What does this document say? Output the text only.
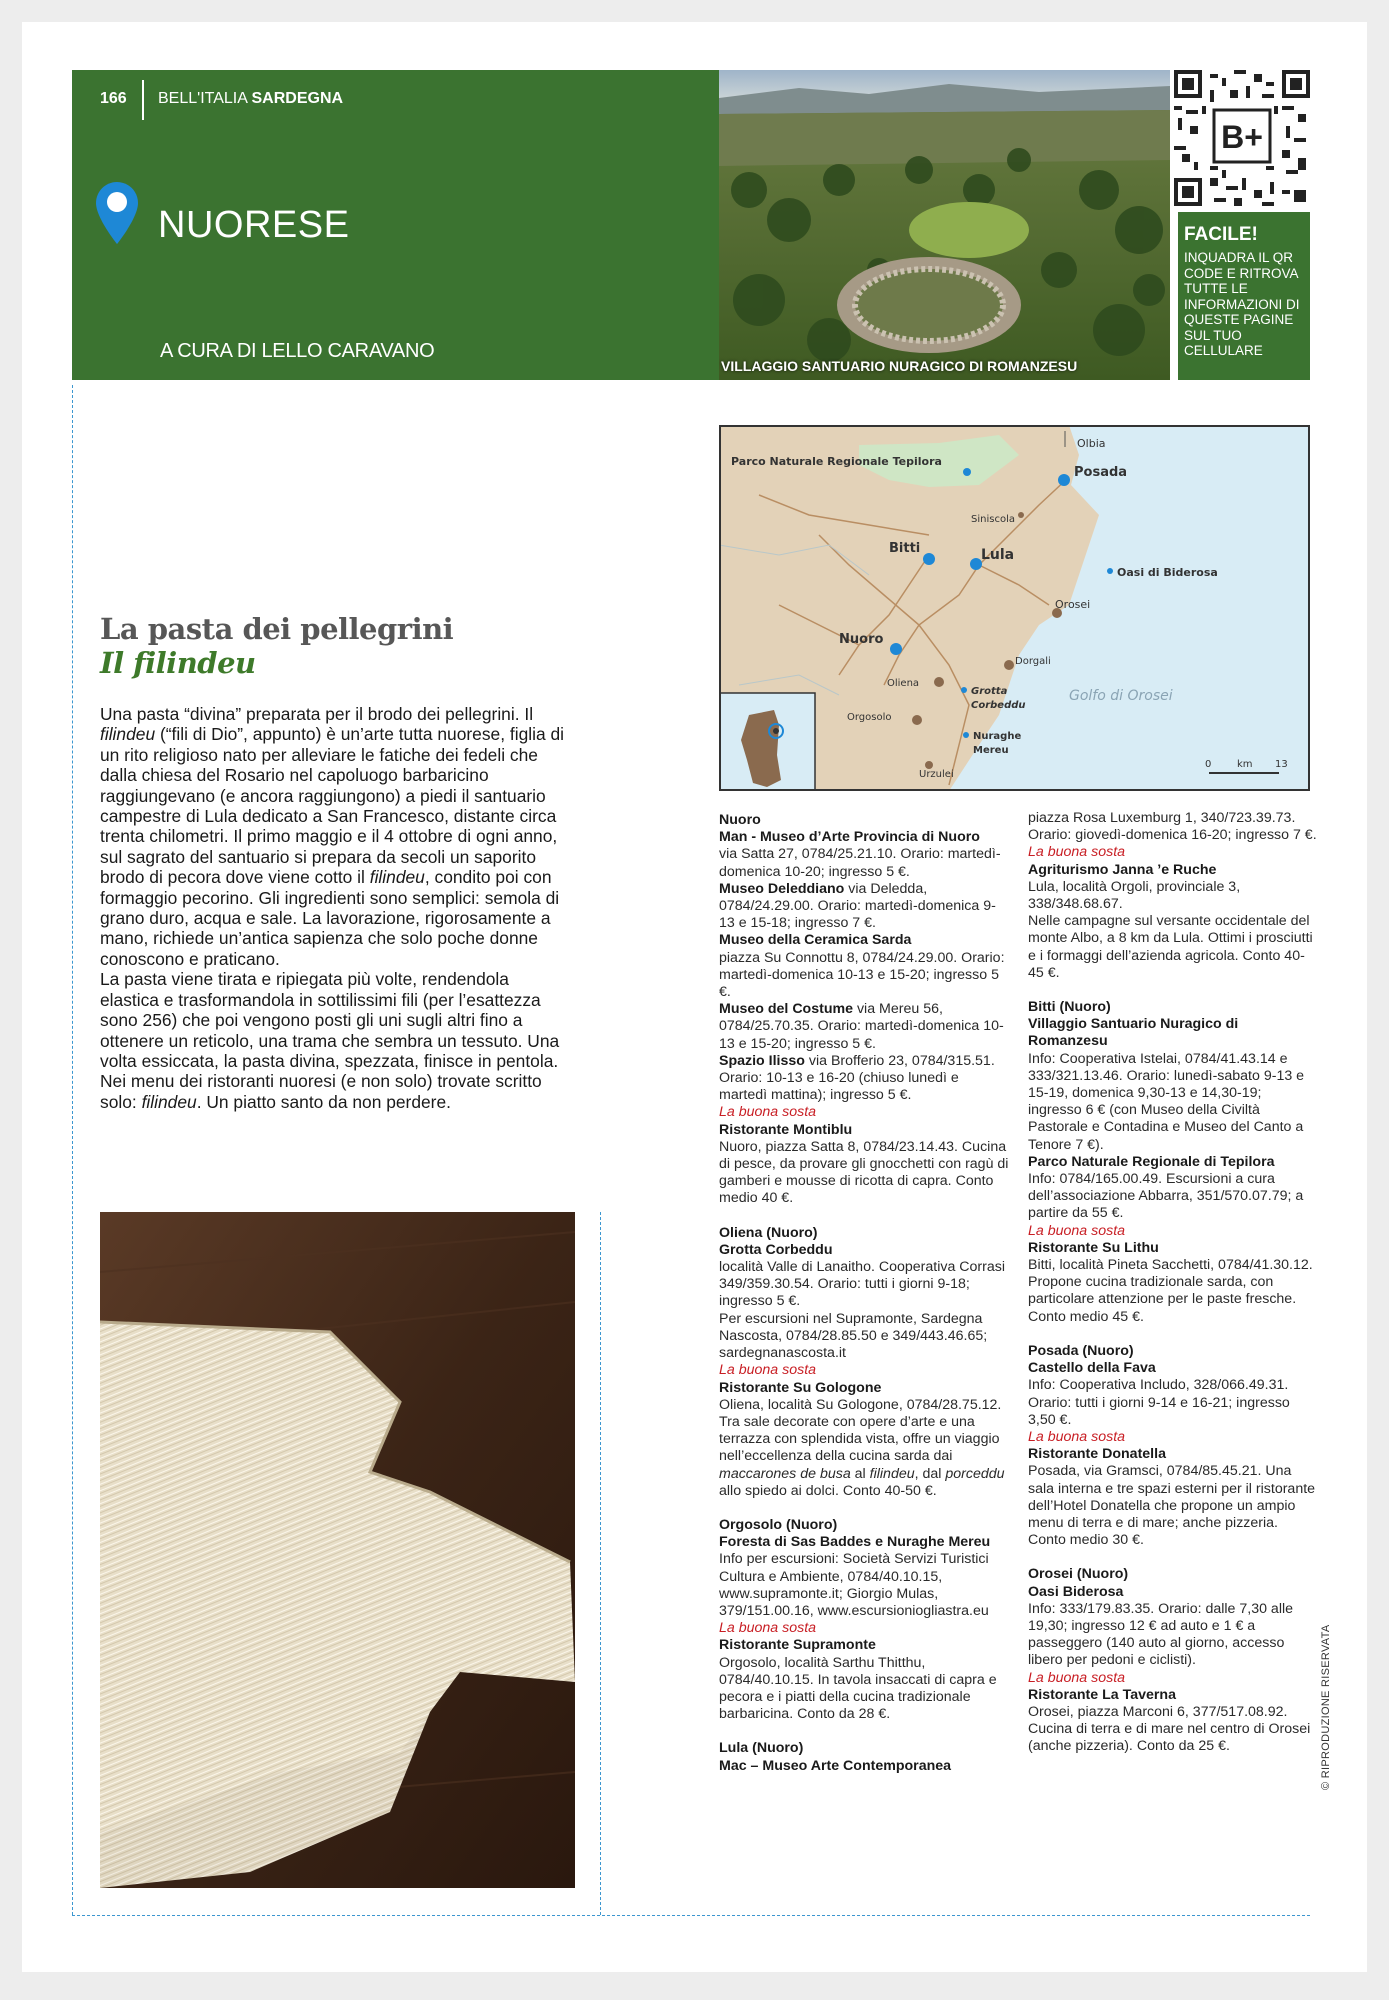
166 BELL'ITALIA SARDEGNA
NUORESE
A CURA DI LELLO CARAVANO
VILLAGGIO SANTUARIO NURAGICO DI ROMANZESU
B+
FACILE!
INQUADRA IL QR CODE E RITROVA TUTTE LE INFORMAZIONI DI QUESTE PAGINE SUL TUO CELLULARE
La pasta dei pellegrini
Il filindeu

Una pasta “divina” preparata per il brodo dei pellegrini. Il filindeu (“fili di Dio”, appunto) è un’arte tutta nuorese, figlia di un rito religioso nato per alleviare le fatiche dei fedeli che dalla chiesa del Rosario nel capoluogo barbaricino raggiungevano (e ancora raggiungono) a piedi il santuario campestre di Lula dedicato a San Francesco, distante circa trenta chilometri. Il primo maggio e il 4 ottobre di ogni anno, sul sagrato del santuario si prepara da secoli un saporito brodo di pecora dove viene cotto il filindeu, condito poi con formaggio pecorino. Gli ingredienti sono semplici: semola di grano duro, acqua e sale. La lavorazione, rigorosamente a mano, richiede un’antica sapienza che solo poche donne conoscono e praticano.

La pasta viene tirata e ripiegata più volte, rendendola elastica e trasformandola in sottilissimi fili (per l’esattezza sono 256) che poi vengono posti gli uni sugli altri fino a ottenere un reticolo, una trama che sembra un tessuto. Una volta essiccata, la pasta divina, spezzata, finisce in pentola. Nei menu dei ristoranti nuoresi (e non solo) trovate scritto solo: filindeu. Un piatto santo da non perdere.

Parco Naturale Regionale Tepilora
Olbia
Posada
Siniscola
Bitti	Lula
Oasi di Biderosa
Orosei
Nuoro
Dorgali
Oliena
Grotta
Corbeddu
Golfo di Orosei
Orgosolo
Nuraghe
Mereu
Urzulei
0	km 13
Nuoro
Man - Museo d’Arte Provincia di Nuoro
via Satta 27, 0784/25.21.10. Orario: martedì-domenica 10-20; ingresso 5 €.
Museo Deleddiano via Deledda, 0784/24.29.00. Orario: martedì-domenica 9-13 e 15-18; ingresso 7 €.
Museo della Ceramica Sarda
piazza Su Connottu 8, 0784/24.29.00. Orario: martedì-domenica 10-13 e 15-20; ingresso 5 €.
Museo del Costume via Mereu 56, 0784/25.70.35. Orario: martedì-domenica 10-13 e 15-20; ingresso 5 €.
Spazio Ilisso via Brofferio 23, 0784/315.51. Orario: 10-13 e 16-20 (chiuso lunedì e martedì mattina); ingresso 5 €.
La buona sosta
Ristorante Montiblu
Nuoro, piazza Satta 8, 0784/23.14.43. Cucina di pesce, da provare gli gnocchetti con ragù di gamberi e mousse di ricotta di capra. Conto medio 40 €.
Oliena (Nuoro)
Grotta Corbeddu
località Valle di Lanaitho. Cooperativa Corrasi 349/359.30.54. Orario: tutti i giorni 9-18; ingresso 5 €.
Per escursioni nel Supramonte, Sardegna Nascosta, 0784/28.85.50 e 349/443.46.65; sardegnanascosta.it
La buona sosta
Ristorante Su Gologone
Oliena, località Su Gologone, 0784/28.75.12.
Tra sale decorate con opere d’arte e una terrazza con splendida vista, offre un viaggio nell’eccellenza della cucina sarda dai maccarones de busa al filindeu, dal porceddu allo spiedo ai dolci. Conto 40-50 €.
Orgosolo (Nuoro)
Foresta di Sas Baddes e Nuraghe Mereu
Info per escursioni: Società Servizi Turistici Cultura e Ambiente, 0784/40.10.15, www.supramonte.it; Giorgio Mulas, 379/151.00.16, www.escursioniogliastra.eu
La buona sosta
Ristorante Supramonte
Orgosolo, località Sarthu Thitthu, 0784/40.10.15. In tavola insaccati di capra e pecora e i piatti della cucina tradizionale barbaricina. Conto da 28 €.
Lula (Nuoro)
Mac – Museo Arte Contemporanea
piazza Rosa Luxemburg 1, 340/723.39.73. Orario: giovedì-domenica 16-20; ingresso 7 €.
La buona sosta
Agriturismo Janna ’e Ruche
Lula, località Orgoli, provinciale 3, 338/348.68.67.
Nelle campagne sul versante occidentale del monte Albo, a 8 km da Lula. Ottimi i prosciutti e i formaggi dell’azienda agricola. Conto 40-45 €.
Bitti (Nuoro)
Villaggio Santuario Nuragico di Romanzesu
Info: Cooperativa Istelai, 0784/41.43.14 e 333/321.13.46. Orario: lunedì-sabato 9-13 e 15-19, domenica 9,30-13 e 14,30-19; ingresso 6 € (con Museo della Civiltà Pastorale e Contadina e Museo del Canto a Tenore 7 €).
Parco Naturale Regionale di Tepilora
Info: 0784/165.00.49. Escursioni a cura dell’associazione Abbarra, 351/570.07.79; a partire da 55 €.
La buona sosta
Ristorante Su Lithu
Bitti, località Pineta Sacchetti, 0784/41.30.12.
Propone cucina tradizionale sarda, con particolare attenzione per le paste fresche. Conto medio 45 €.
Posada (Nuoro)
Castello della Fava
Info: Cooperativa Includo, 328/066.49.31. Orario: tutti i giorni 9-14 e 16-21; ingresso 3,50 €.
La buona sosta
Ristorante Donatella
Posada, via Gramsci, 0784/85.45.21. Una sala interna e tre spazi esterni per il ristorante dell’Hotel Donatella che propone un ampio menu di terra e di mare; anche pizzeria. Conto medio 30 €.
Orosei (Nuoro)
Oasi Biderosa
Info: 333/179.83.35. Orario: dalle 7,30 alle 19,30; ingresso 12 € ad auto e 1 € a passeggero (140 auto al giorno, accesso libero per pedoni e ciclisti).
La buona sosta
Ristorante La Taverna
Orosei, piazza Marconi 6, 377/517.08.92.
Cucina di terra e di mare nel centro di Orosei (anche pizzeria). Conto da 25 €.	© RIPRODUZIONE RISERVATA
